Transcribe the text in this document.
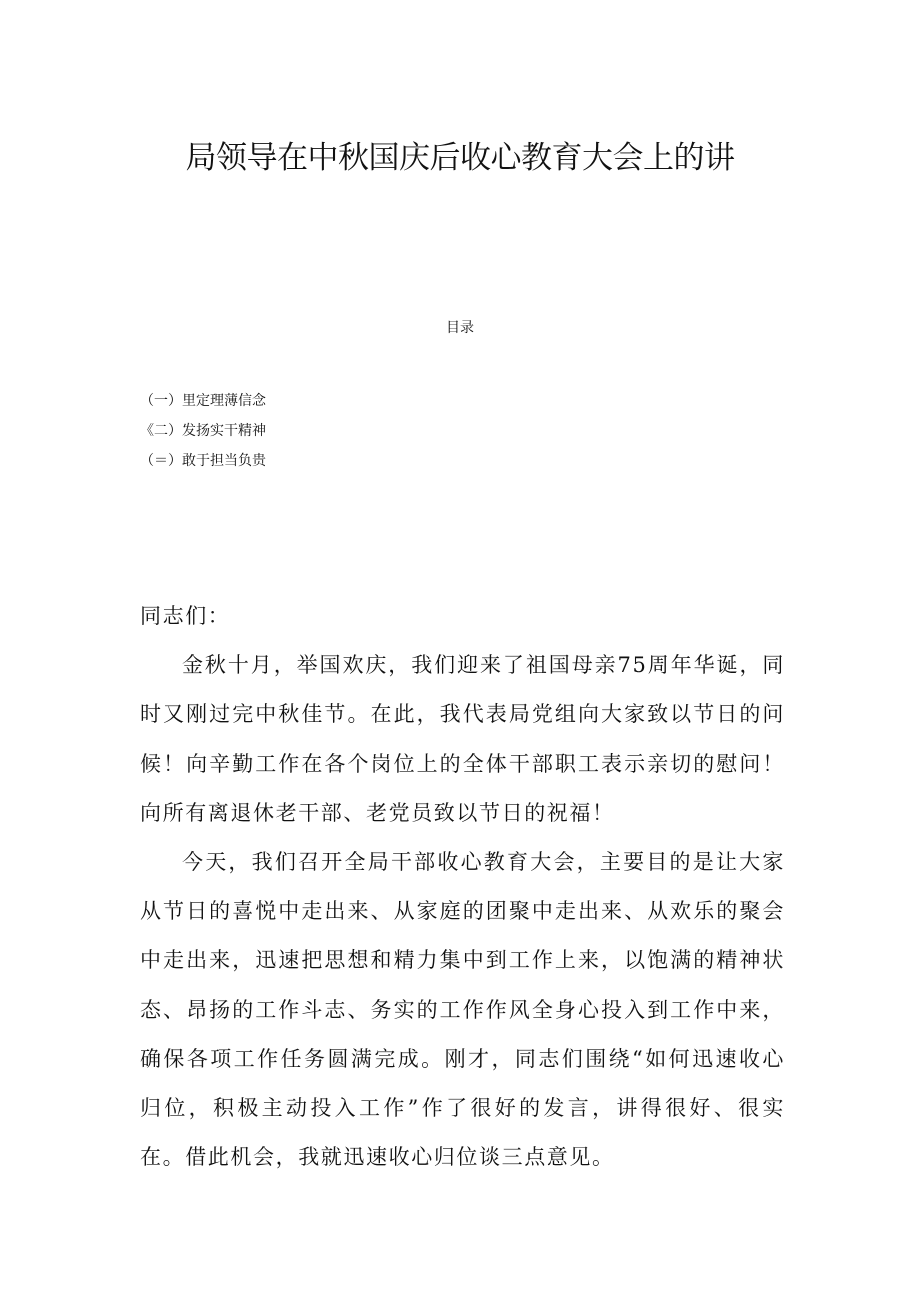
局领导在中秋国庆后收心教育大会上的讲
目录
（一）里定理薄信念
《二）发扬实干精神
（＝）敢于担当负贵

同志们：

金秋十月，举国欢庆，我们迎来了祖国母亲75周年华诞，同时又刚过完中秋佳节。在此，我代表局党组向大家致以节日的问候！向辛勤工作在各个岗位上的全体干部职工表示亲切的慰问！向所有离退休老干部、老党员致以节日的祝福！

今天，我们召开全局干部收心教育大会，主要目的是让大家从节日的喜悦中走出来、从家庭的团聚中走出来、从欢乐的聚会中走出来，迅速把思想和精力集中到工作上来，以饱满的精神状态、昂扬的工作斗志、务实的工作作风全身心投入到工作中来，确保各项工作任务圆满完成。刚才，同志们围绕“如何迅速收心归位，积极主动投入工作”作了很好的发言，讲得很好、很实在。借此机会，我就迅速收心归位谈三点意见。
